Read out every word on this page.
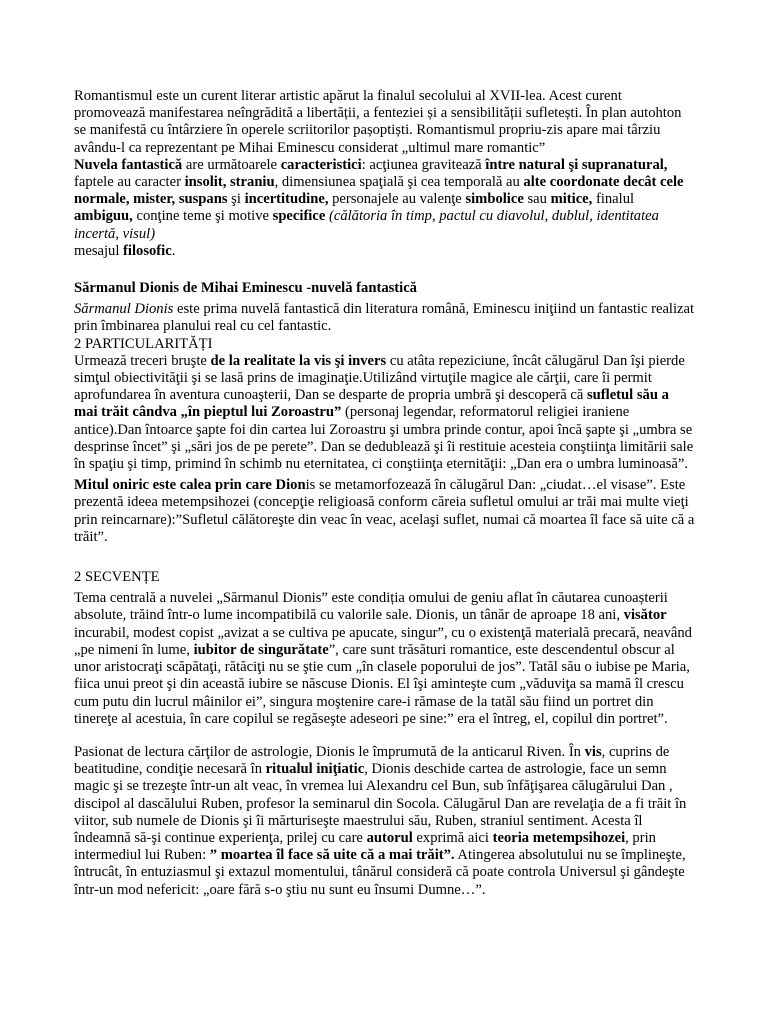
Romantismul este un curent literar artistic apărut la finalul secolului al XVII-lea. Acest curent promovează manifestarea neîngrădită a libertății, a fenteziei și a sensibilității sufletești. În plan autohton se manifestă cu întârziere în operele scriitorilor pașoptiști. Romantismul propriu-zis apare mai târziu avându-l ca reprezentant pe Mihai Eminescu considerat „ultimul mare romantic”

Nuvela fantastică are următoarele caracteristici: acţiunea gravitează între natural şi supranatural, faptele au caracter insolit, straniu, dimensiunea spaţială şi cea temporală au alte coordonate decât cele normale, mister, suspans şi incertitudine, personajele au valenţe simbolice sau mitice, finalul ambiguu, conţine teme şi motive specifice (călătoria în timp, pactul cu diavolul, dublul, identitatea incertă, visul)
mesajul filosofic.

Sărmanul Dionis de Mihai Eminescu -nuvelă fantastică

Sărmanul Dionis este prima nuvelă fantastică din literatura română, Eminescu iniţiind un fantastic realizat prin îmbinarea planului real cu cel fantastic.

2 PARTICULARITĂȚI

Urmează treceri bruşte de la realitate la vis şi invers cu atâta repeziciune, încât călugărul Dan îşi pierde simţul obiectivităţii şi se lasă prins de imaginaţie.Utilizând virtuţile magice ale cărţii, care îi permit aprofundarea în aventura cunoaşterii, Dan se desparte de propria umbră şi descoperă că sufletul său a mai trăit cândva „în pieptul lui Zoroastru” (personaj legendar, reformatorul religiei iraniene antice).Dan întoarce şapte foi din cartea lui Zoroastru şi umbra prinde contur, apoi încă şapte şi „umbra se desprinse încet” şi „sări jos de pe perete”. Dan se dedublează şi îi restituie acesteia conştiinţa limitării sale în spaţiu şi timp, primind în schimb nu eternitatea, ci conştiinţa eternităţii: „Dan era o umbra luminoasă”.

Mitul oniric este calea prin care Dionis se metamorfozează în călugărul Dan: „ciudat…el visase”. Este prezentă ideea metempsihozei (concepţie religioasă conform căreia sufletul omului ar trăi mai multe vieţi prin reincarnare):”Sufletul călătoreşte din veac în veac, acelaşi suflet, numai că moartea îl face să uite că a trăit”.

2 SECVENȚE

Tema centrală a nuvelei „Sărmanul Dionis” este condiția omului de geniu aflat în căutarea cunoașterii absolute, trăind într-o lume incompatibilă cu valorile sale. Dionis, un tânăr de aproape 18 ani, visător incurabil, modest copist „avizat a se cultiva pe apucate, singur”, cu o existenţă materială precară, neavând „pe nimeni în lume, iubitor de singurătate”, care sunt trăsături romantice, este descendentul obscur al unor aristocraţi scăpătaţi, rătăciţi nu se ştie cum „în clasele poporului de jos”. Tatăl său o iubise pe Maria, fiica unui preot şi din această iubire se născuse Dionis. El îşi aminteşte cum „văduviţa sa mamă îl crescu cum putu din lucrul mâinilor ei”, singura moştenire care-i rămase de la tatăl său fiind un portret din tinereţe al acestuia, în care copilul se regăseşte adeseori pe sine:” era el întreg, el, copilul din portret”.

Pasionat de lectura cărţilor de astrologie, Dionis le împrumută de la anticarul Riven. În vis, cuprins de beatitudine, condiţie necesară în ritualul iniţiatic, Dionis deschide cartea de astrologie, face un semn magic şi se trezeşte într-un alt veac, în vremea lui Alexandru cel Bun, sub înfăţişarea călugărului Dan , discipol al dascălului Ruben, profesor la seminarul din Socola. Călugărul Dan are revelaţia de a fi trăit în viitor, sub numele de Dionis şi îi mărturiseşte maestrului său, Ruben, straniul sentiment. Acesta îl îndeamnă să-şi continue experienţa, prilej cu care autorul exprimă aici teoria metempsihozei, prin intermediul lui Ruben: ” moartea îl face să uite că a mai trăit”. Atingerea absolutului nu se împlineşte, întrucât, în entuziasmul şi extazul momentului, tânărul consideră că poate controla Universul şi gândeşte într-un mod nefericit: „oare fără s-o ştiu nu sunt eu însumi Dumne…”.
